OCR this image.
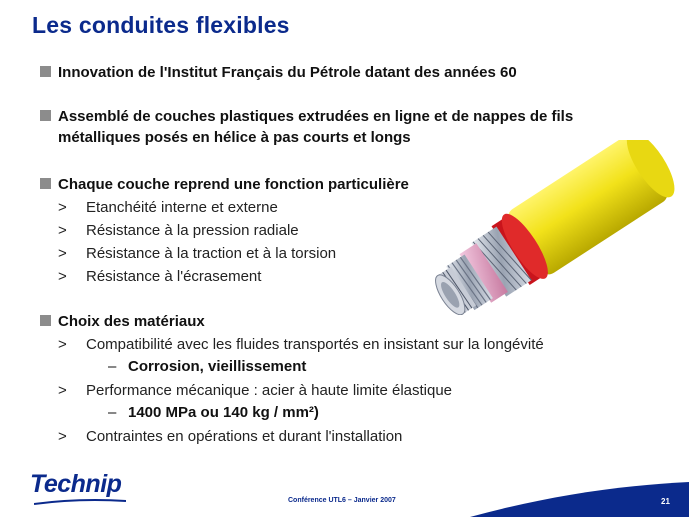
Les conduites flexibles
Innovation de l'Institut Français du Pétrole datant des années 60
Assemblé de couches plastiques extrudées en ligne et de nappes de fils
métalliques posés en hélice à pas courts et longs
Chaque couche reprend une fonction particulière
> Etanchéité interne et externe
> Résistance à la pression radiale
> Résistance à la traction et à la torsion
> Résistance à l'écrasement
Choix des matériaux
> Compatibilité avec les fluides transportés en insistant sur la longévité
– Corrosion, vieillissement
> Performance mécanique : acier à haute limite élastique
– 1400 MPa ou 140 kg / mm²)
> Contraintes en opérations et durant l'installation
Technip
Conférence UTL6 – Janvier 2007	21
